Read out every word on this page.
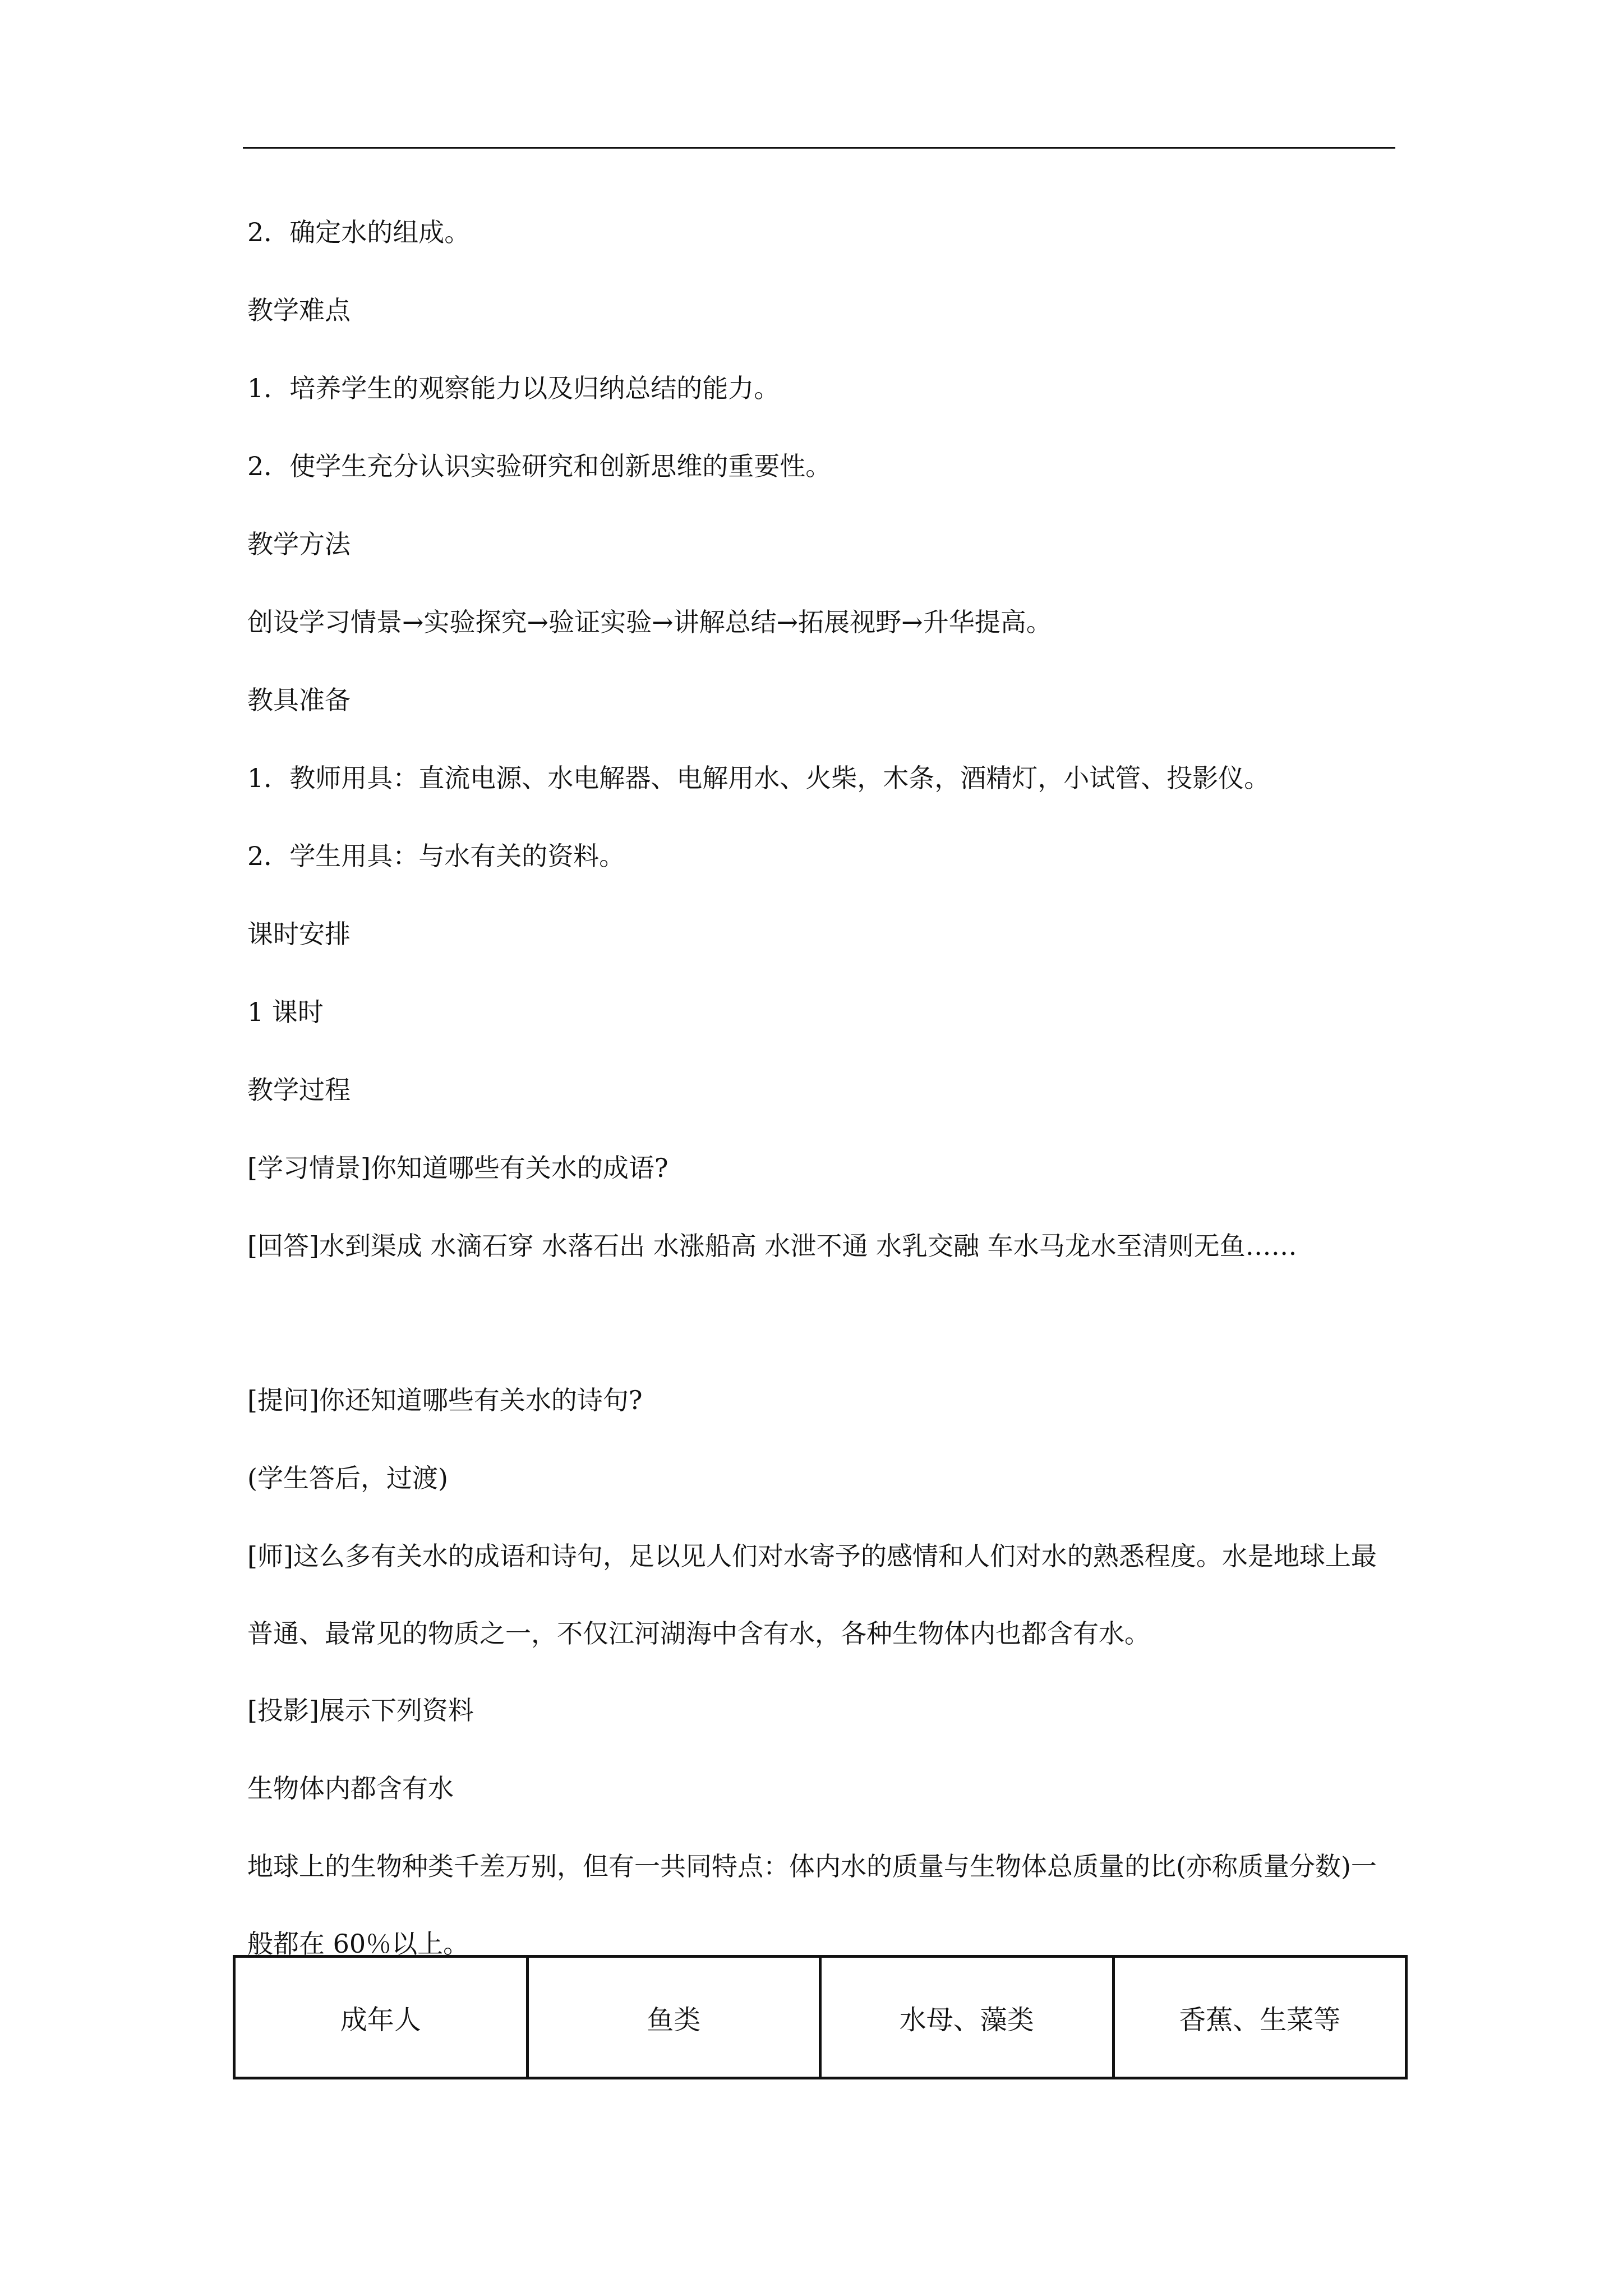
2．确定水的组成。

教学难点

1．培养学生的观察能力以及归纳总结的能力。

2．使学生充分认识实验研究和创新思维的重要性。

教学方法

创设学习情景→实验探究→验证实验→讲解总结→拓展视野→升华提高。

教具准备

1．教师用具：直流电源、水电解器、电解用水、火柴，木条，酒精灯，小试管、投影仪。

2．学生用具：与水有关的资料。

课时安排

1 课时

教学过程

[学习情景]你知道哪些有关水的成语?

[回答]水到渠成 水滴石穿 水落石出 水涨船高 水泄不通 水乳交融 车水马龙水至清则无鱼……

[提问]你还知道哪些有关水的诗句?

(学生答后，过渡)

[师]这么多有关水的成语和诗句，足以见人们对水寄予的感情和人们对水的熟悉程度。水是地球上最普通、最常见的物质之一，不仅江河湖海中含有水，各种生物体内也都含有水。

[投影]展示下列资料

生物体内都含有水

地球上的生物种类千差万别，但有一共同特点：体内水的质量与生物体总质量的比(亦称质量分数)一般都在 60％以上。

成年人	鱼类	水母、藻类	香蕉、生菜等
